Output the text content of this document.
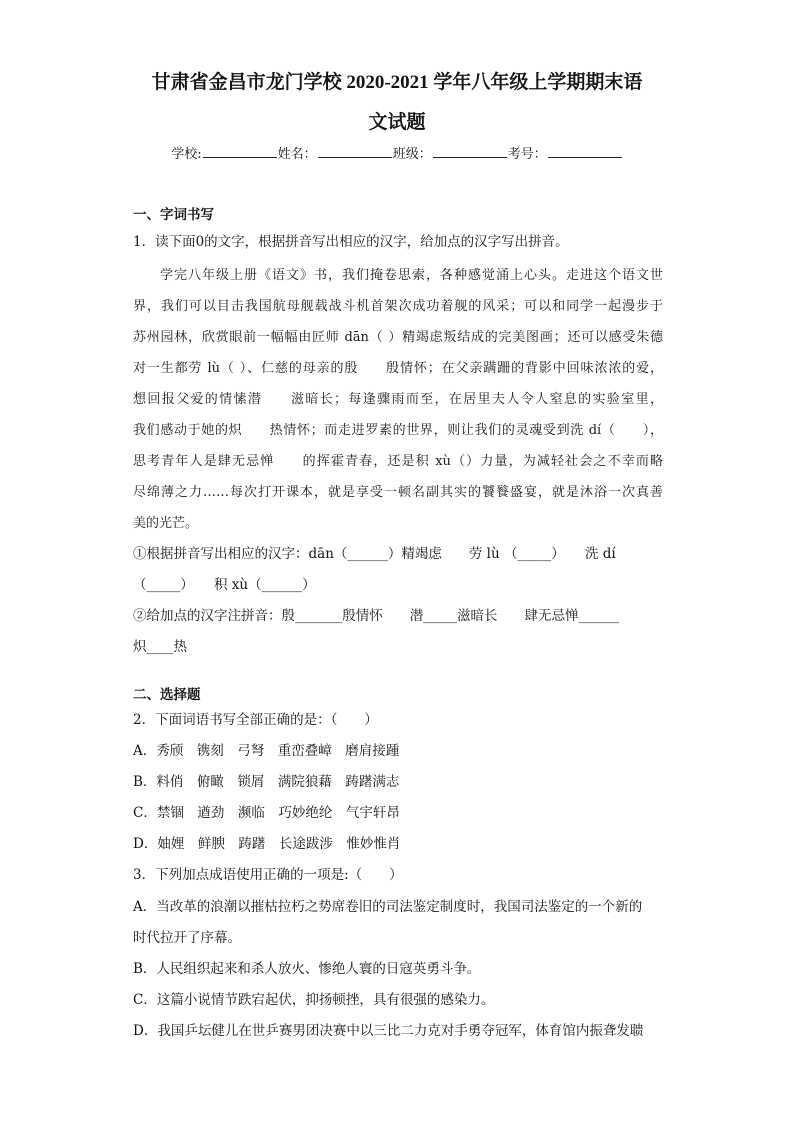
甘肃省金昌市龙门学校 2020-2021 学年八年级上学期期末语
文试题
学校:	姓名：	班级：	考号：
一、字词书写
1．读下面0的文字，根据拼音写出相应的汉字，给加点的汉字写出拼音。
学完八年级上册《语文》书，我们掩卷思索，各种感觉涌上心头。走进这个语文世
界，我们可以目击我国航母舰载战斗机首架次成功着舰的风采；可以和同学一起漫步于
苏州园林，欣赏眼前一幅幅由匠师 dān（ ）精竭虑叛结成的完美图画；还可以感受朱德
对一生都劳 lù（ ）、仁慈的母亲的殷　　殷情怀；在父亲蹒跚的背影中回味浓浓的爱，
想回报父爱的情愫潜　　滋暗长；每逢骤雨而至，在居里夫人令人窒息的实验室里，
我们感动于她的炽　　热情怀；而走进罗素的世界，则让我们的灵魂受到洗 dí（　　），
思考青年人是肆无忌惮　　的挥霍青春，还是积 xù（）力量，为减轻社会之不幸而略
尽绵薄之力……每次打开课本，就是享受一顿名副其实的饕餮盛宴，就是沐浴一次真善
美的光芒。
①根据拼音写出相应的汉字：dān（______）精竭虑　　劳 lù （_____）　　洗 dí
（_____）　　积 xù（______）
②给加点的汉字注拼音：殷_______殷情怀　　潜_____滋暗长　　肆无忌惮______
炽____热
二、选择题
2．下面词语书写全部正确的是：（　　）
A．秀颀　镌刻　弓弩　重峦叠嶂　磨肩接踵
B．料俏　俯瞰　锁屑　满院狼藉　踌躇满志
C．禁锢　遒劲　濒临　巧妙绝纶　气宇轩昂
D．妯娌　鲜腴　踌躇　长途跋涉　惟妙惟肖
3．下列加点成语使用正确的一项是:（　　）
A．当改革的浪潮以摧枯拉朽之势席卷旧的司法鉴定制度时，我国司法鉴定的一个新的
时代拉开了序幕。
B．人民组织起来和杀人放火、惨绝人寰的日寇英勇斗争。
C．这篇小说情节跌宕起伏，抑扬顿挫，具有很强的感染力。
D．我国乒坛健儿在世乒赛男团决赛中以三比二力克对手勇夺冠军，体育馆内振聋发聩
